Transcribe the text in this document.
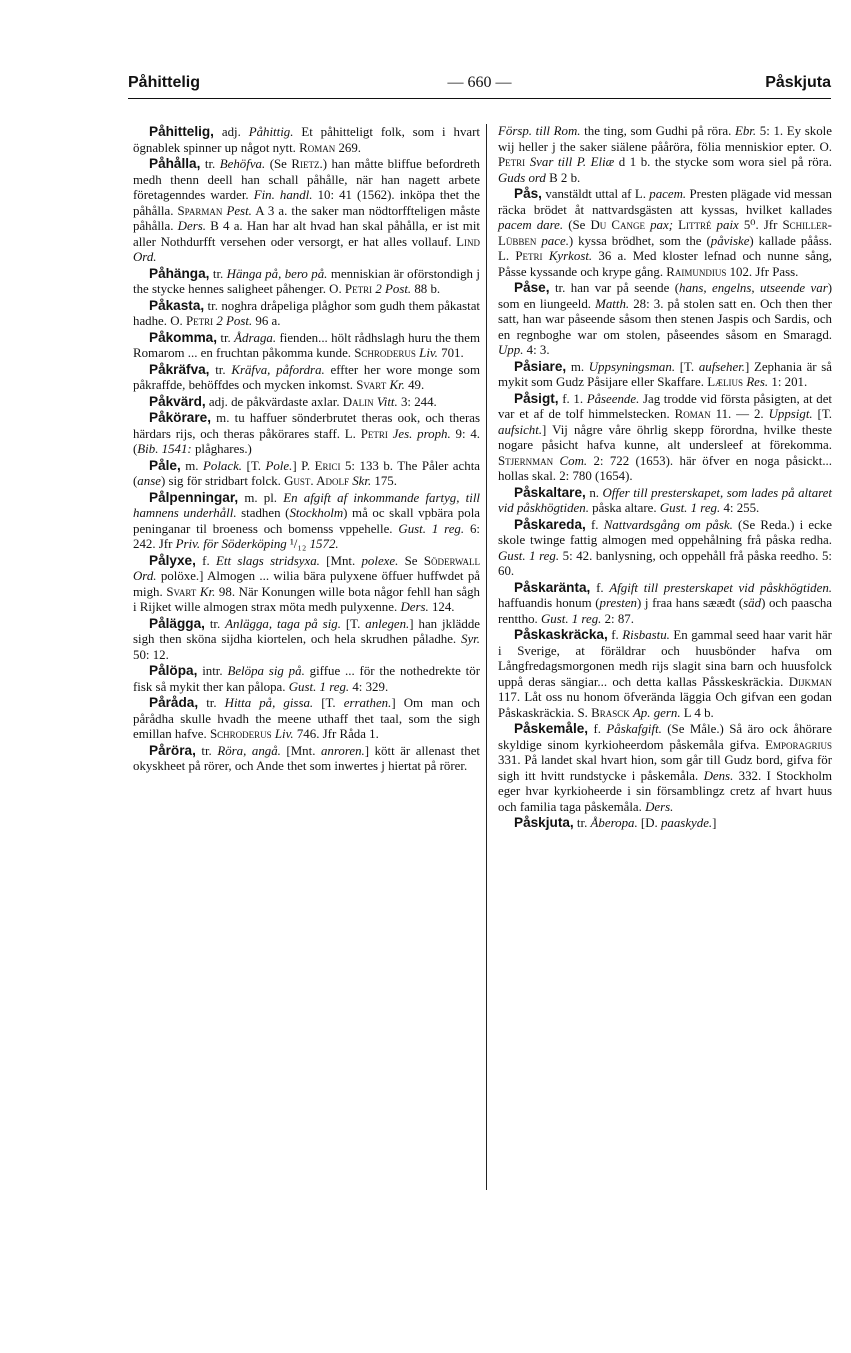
Påhittelig	— 660 —	Påskjuta

Påhittelig, adj. Påhittig. Et påhitteligt folk, som i hvart ögnablek spinner up något nytt. Roman 269.

Påhålla, tr. Behöfva. (Se Rietz.) han måtte bliffue befordreth medh thenn deell han schall påhålle, när han nagett arbete företagenndes warder. Fin. handl. 10: 41 (1562). inköpa thet the påhålla. Sparman Pest. A 3 a. the saker man nödtorffteligen måste påhålla. Ders. B 4 a. Han har alt hvad han skal påhålla, er ist mit aller Nothdurfft versehen oder versorgt, er hat alles vollauf. Lind Ord.

Påhänga, tr. Hänga på, bero på. menniskian är oförstondigh j the stycke hennes saligheet påhenger. O. Petri 2 Post. 88 b.

Påkasta, tr. noghra dråpeliga plåghor som gudh them påkastat hadhe. O. Petri 2 Post. 96 a.

Påkomma, tr. Ådraga. fienden... hölt rådhslagh huru the them Romarom ... en fruchtan påkomma kunde. Schroderus Liv. 701.

Påkräfva, tr. Kräfva, påfordra. effter her wore monge som påkraffde, behöffdes och mycken inkomst. Svart Kr. 49.

Påkvärd, adj. de påkvärdaste axlar. Dalin Vitt. 3: 244.

Påkörare, m. tu haffuer sönderbrutet theras ook, och theras härdars rijs, och theras påkörares staff. L. Petri Jes. proph. 9: 4. (Bib. 1541: plåghares.)

Påle, m. Polack. [T. Pole.] P. Erici 5: 133 b. The Påler achta (anse) sig för stridbart folck. Gust. Adolf Skr. 175.

Pålpenningar, m. pl. En afgift af inkommande fartyg, till hamnens underhåll. stadhen (Stockholm) må oc skall vpbära pola peninganar til broeness och bomenss vppehelle. Gust. 1 reg. 6: 242. Jfr Priv. för Söderköping ¹/₁₂ 1572.

Pålyxe, f. Ett slags stridsyxa. [Mnt. polexe. Se Söderwall Ord. polöxe.] Almogen ... wilia bära pulyxene öffuer huffwdet på migh. Svart Kr. 98. När Konungen wille bota någor fehll han sågh i Rijket wille almogen strax möta medh pulyxenne. Ders. 124.

Pålägga, tr. Anlägga, taga på sig. [T. anlegen.] han jklädde sigh then sköna sijdha kiortelen, och hela skrudhen påladhe. Syr. 50: 12.

Pålöpa, intr. Belöpa sig på. giffue ... för the nothedrekte tör fisk så mykit ther kan pålopa. Gust. 1 reg. 4: 329.

Påråda, tr. Hitta på, gissa. [T. errathen.] Om man och pårådha skulle hvadh the meene uthaff thet taal, som the sigh emillan hafve. Schroderus Liv. 746. Jfr Råda 1.

Påröra, tr. Röra, angå. [Mnt. anroren.] kött är allenast thet okyskheet på rörer, och Ande thet som inwertes j hiertat på rörer.

Försp. till Rom. the ting, som Gudhi på röra. Ebr. 5: 1. Ey skole wij heller j the saker siälene pååröra, fölia menniskior epter. O. Petri Svar till P. Eliæ d 1 b. the stycke som wora siel på röra. Guds ord B 2 b.

Pås, vanstäldt uttal af L. pacem. Presten plägade vid messan räcka brödet åt nattvardsgästen att kyssas, hvilket kallades pacem dare. (Se Du Cange pax; Littré paix 5⁰. Jfr Schiller-Lübben pace.) kyssa brödhet, som the (påviske) kallade pååss. L. Petri Kyrkost. 36 a. Med kloster lefnad och nunne sång, Påsse kyssande och krype gång. Raimundius 102. Jfr Pass.

Påse, tr. han var på seende (hans, engelns, utseende var) som en liungeeld. Matth. 28: 3. på stolen satt en. Och then ther satt, han war påseende såsom then stenen Jaspis och Sardis, och en regnboghe war om stolen, påseendes såsom en Smaragd. Upp. 4: 3.

Påsiare, m. Uppsyningsman. [T. aufseher.] Zephania är så mykit som Gudz Påsijare eller Skaffare. Lælius Res. 1: 201.

Påsigt, f. 1. Påseende. Jag trodde vid första påsigten, at det var et af de tolf himmelstecken. Roman 11. — 2. Uppsigt. [T. aufsicht.] Vij någre våre öhrlig skepp förordna, hvilke theste nogare påsicht hafva kunne, alt undersleef at förekomma. Stjernman Com. 2: 722 (1653). här öfver en noga påsickt... hollas skal. 2: 780 (1654).

Påskaltare, n. Offer till presterskapet, som lades på altaret vid påskhögtiden. påska altare. Gust. 1 reg. 4: 255.

Påskareda, f. Nattvardsgång om påsk. (Se Reda.) i ecke skole twinge fattig almogen med oppehålning frå påska redha. Gust. 1 reg. 5: 42. banlysning, och oppehåll frå påska reedho. 5: 60.

Påskaränta, f. Afgift till presterskapet vid påskhögtiden. haffuandis honum (presten) j fraa hans sææđt (säd) och paascha renttho. Gust. 1 reg. 2: 87.

Påskaskräcka, f. Risbastu. En gammal seed haar varit här i Sverige, at föräldrar och huusbönder hafva om Långfredagsmorgonen medh rijs slagit sina barn och huusfolck uppå deras sängiar... och detta kallas Påsskeskräckia. Dijkman 117. Låt oss nu honom öfverända läggia Och gifvan een godan Påskaskräckia. S. Brasck Ap. gern. L 4 b.

Påskemåle, f. Påskafgift. (Se Måle.) Så äro ock åhörare skyldige sinom kyrkioheerdom påskemåla gifva. Emporagrius 331. På landet skal hvart hion, som går till Gudz bord, gifva för sigh itt hvitt rundstycke i påskemåla. Dens. 332. I Stockholm eger hvar kyrkioheerde i sin församblingz cretz af hvart huus och familia taga påskemåla. Ders.

Påskjuta, tr. Åberopa. [D. paaskyde.]
